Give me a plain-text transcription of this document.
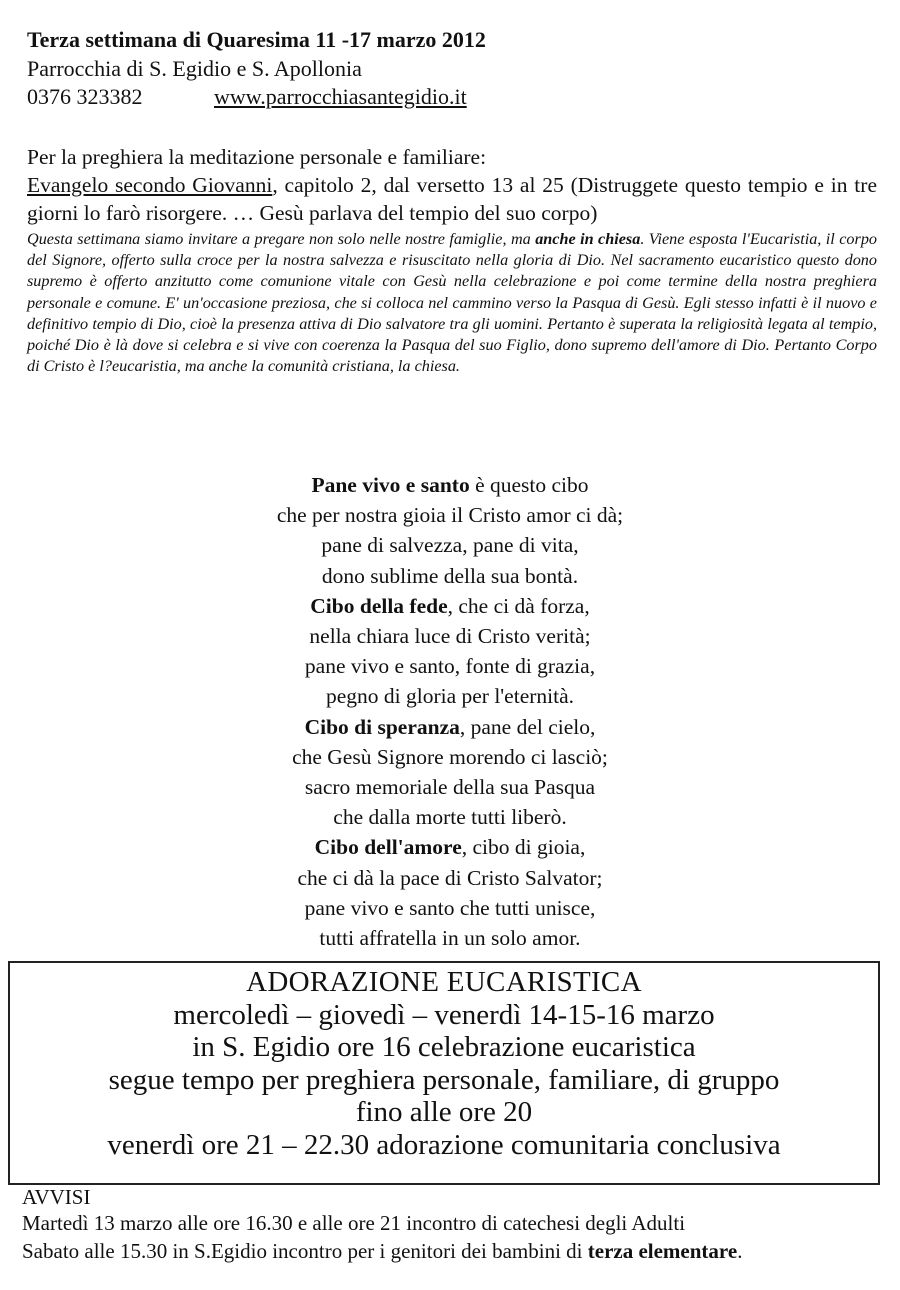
Terza settimana di Quaresima 11 -17 marzo 2012
Parrocchia di S. Egidio e S. Apollonia
0376 323382	www.parrocchiasantegidio.it
Per la preghiera la meditazione personale e familiare:
Evangelo secondo Giovanni, capitolo 2, dal versetto 13 al 25 (Distruggete questo tempio e in tre giorni lo farò risorgere. … Gesù parlava del tempio del suo corpo)
Questa settimana siamo invitare a pregare non solo nelle nostre famiglie, ma anche in chiesa. Viene esposta l'Eucaristia, il corpo del Signore, offerto sulla croce per la nostra salvezza e risuscitato nella gloria di Dio. Nel sacramento eucaristico questo dono supremo è offerto anzitutto come comunione vitale con Gesù nella celebrazione e poi come termine della nostra preghiera personale e comune. E' un'occasione preziosa, che si colloca nel cammino verso la Pasqua di Gesù. Egli stesso infatti è il nuovo e definitivo tempio di Dio, cioè la presenza attiva di Dio salvatore tra gli uomini. Pertanto è superata la religiosità legata al tempio, poiché Dio è là dove si celebra e si vive con coerenza la Pasqua del suo Figlio, dono supremo dell'amore di Dio. Pertanto Corpo di Cristo è l?eucaristia, ma anche la comunità cristiana, la chiesa.
Pane vivo e santo è questo cibo
che per nostra gioia il Cristo amor ci dà;
pane di salvezza, pane di vita,
dono sublime della sua bontà.
Cibo della fede, che ci dà forza,
nella chiara luce di Cristo verità;
pane vivo e santo, fonte di grazia,
pegno di gloria per l'eternità.
Cibo di speranza, pane del cielo,
che Gesù Signore morendo ci lasciò;
sacro memoriale della sua Pasqua
che dalla morte tutti liberò.
Cibo dell'amore, cibo di gioia,
che ci dà la pace di Cristo Salvator;
pane vivo e santo che tutti unisce,
tutti affratella in un solo amor.
ADORAZIONE EUCARISTICA
mercoledì – giovedì – venerdì 14-15-16 marzo
in S. Egidio ore 16 celebrazione eucaristica
segue tempo per preghiera personale, familiare, di gruppo
fino alle ore 20
venerdì ore 21 – 22.30 adorazione comunitaria conclusiva
AVVISI
Martedì 13 marzo alle ore 16.30 e alle ore 21 incontro di catechesi degli Adulti
Sabato alle 15.30 in S.Egidio incontro per i genitori dei bambini di terza elementare.
